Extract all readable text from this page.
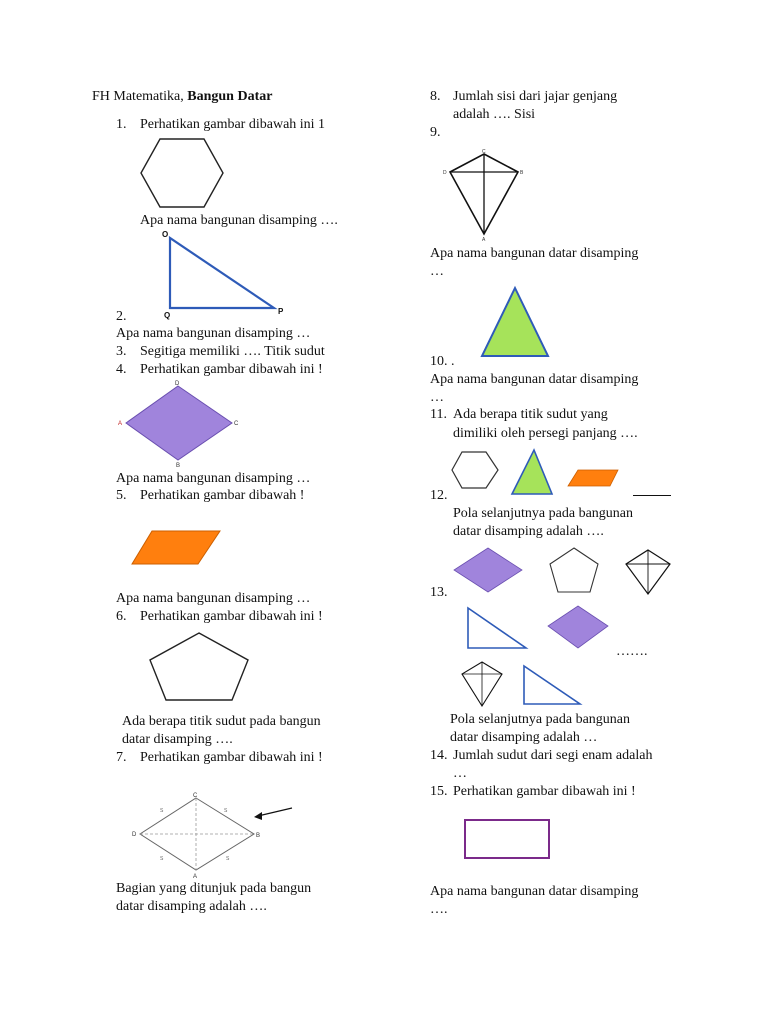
FH Matematika, Bangun Datar
1. Perhatikan gambar dibawah ini 1
Apa nama bangunan disamping ….
O
Q	P
2.
Apa nama bangunan disamping …
3. Segitiga memiliki …. Titik sudut
4. Perhatikan gambar dibawah ini !
D
A	C
B
Apa nama bangunan disamping …
5. Perhatikan gambar dibawah !
Apa nama bangunan disamping …
6. Perhatikan gambar dibawah ini !
Ada berapa titik sudut pada bangun
datar disamping ….
7. Perhatikan gambar dibawah ini !
C
D	B
A
S	S
S	S
Bagian yang ditunjuk pada bangun
datar disamping adalah ….
8. Jumlah sisi dari jajar genjang
adalah …. Sisi
9.
C
D	B
A
Apa nama bangunan datar disamping
…
10. .
Apa nama bangunan datar disamping
…
11. Ada berapa titik sudut yang
dimiliki oleh persegi panjang ….
12.
Pola selanjutnya pada bangunan
datar disamping adalah ….
13.
…….
Pola selanjutnya pada bangunan
datar disamping adalah …
14. Jumlah sudut dari segi enam adalah
…
15. Perhatikan gambar dibawah ini !
Apa nama bangunan datar disamping
….
